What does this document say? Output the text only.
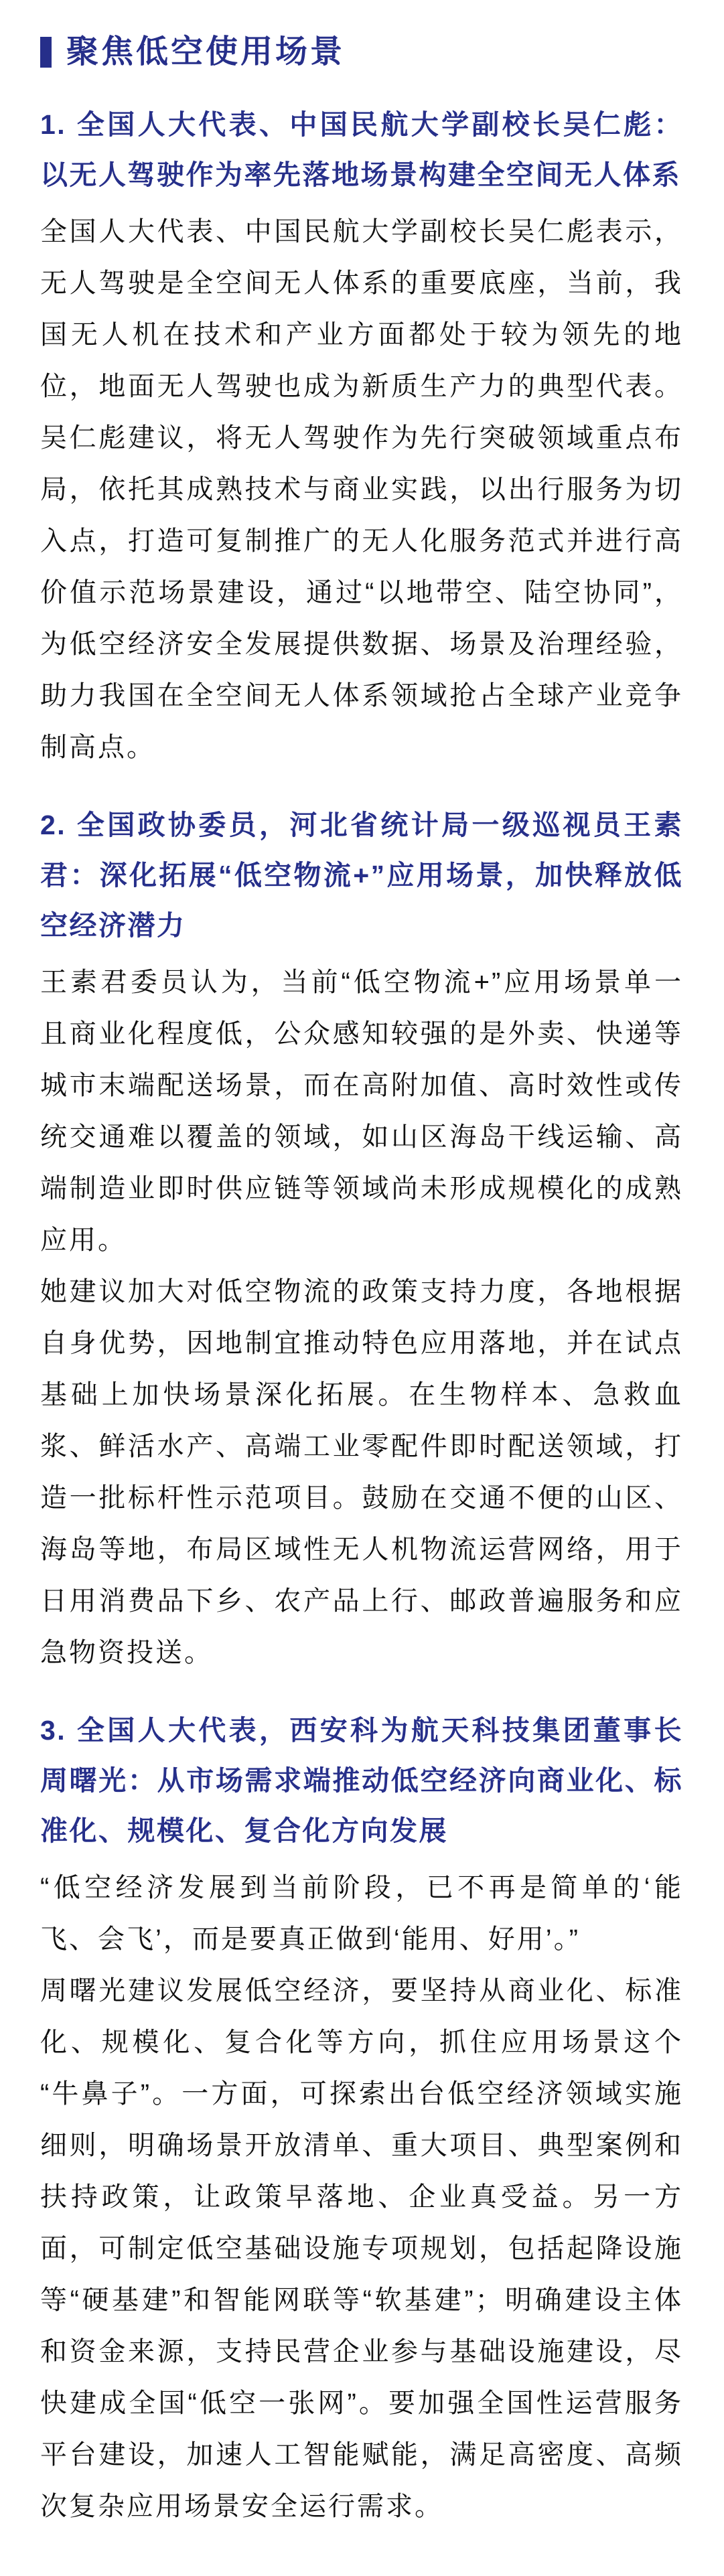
聚焦低空使用场景
1. 全国人大代表、中国民航大学副校长吴仁彪：以无人驾驶作为率先落地场景构建全空间无人体系

全国人大代表、中国民航大学副校长吴仁彪表示，无人驾驶是全空间无人体系的重要底座，当前，我国无人机在技术和产业方面都处于较为领先的地位，地面无人驾驶也成为新质生产力的典型代表。吴仁彪建议，将无人驾驶作为先行突破领域重点布局，依托其成熟技术与商业实践，以出行服务为切入点，打造可复制推广的无人化服务范式并进行高价值示范场景建设，通过“以地带空、陆空协同”，为低空经济安全发展提供数据、场景及治理经验，助力我国在全空间无人体系领域抢占全球产业竞争制高点。

2. 全国政协委员，河北省统计局一级巡视员王素君：深化拓展“低空物流+”应用场景，加快释放低空经济潜力

王素君委员认为，当前“低空物流+”应用场景单一且商业化程度低，公众感知较强的是外卖、快递等城市末端配送场景，而在高附加值、高时效性或传统交通难以覆盖的领域，如山区海岛干线运输、高端制造业即时供应链等领域尚未形成规模化的成熟应用。

她建议加大对低空物流的政策支持力度，各地根据自身优势，因地制宜推动特色应用落地，并在试点基础上加快场景深化拓展。在生物样本、急救血浆、鲜活水产、高端工业零配件即时配送领域，打造一批标杆性示范项目。鼓励在交通不便的山区、海岛等地，布局区域性无人机物流运营网络，用于日用消费品下乡、农产品上行、邮政普遍服务和应急物资投送。

3. 全国人大代表，西安科为航天科技集团董事长周曙光：从市场需求端推动低空经济向商业化、标准化、规模化、复合化方向发展

“低空经济发展到当前阶段，已不再是简单的‘能飞、会飞’，而是要真正做到‘能用、好用’。”

周曙光建议发展低空经济，要坚持从商业化、标准化、规模化、复合化等方向，抓住应用场景这个“牛鼻子”。一方面，可探索出台低空经济领域实施细则，明确场景开放清单、重大项目、典型案例和扶持政策，让政策早落地、企业真受益。另一方面，可制定低空基础设施专项规划，包括起降设施等“硬基建”和智能网联等“软基建”；明确建设主体和资金来源，支持民营企业参与基础设施建设，尽快建成全国“低空一张网”。要加强全国性运营服务平台建设，加速人工智能赋能，满足高密度、高频次复杂应用场景安全运行需求。
